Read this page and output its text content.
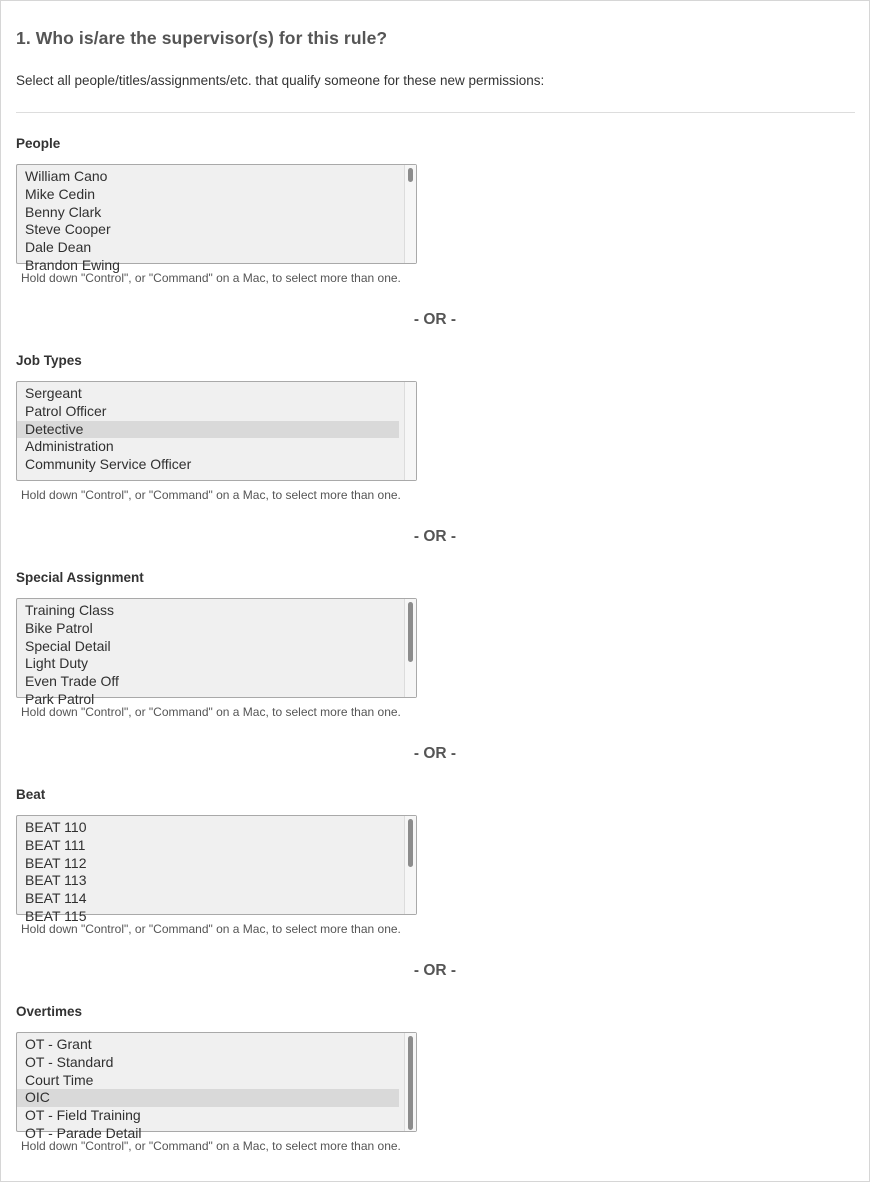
1. Who is/are the supervisor(s) for this rule?
Select all people/titles/assignments/etc. that qualify someone for these new permissions:
People
William Cano
Mike Cedin
Benny Clark
Steve Cooper
Dale Dean
Brandon Ewing
Hold down "Control", or "Command" on a Mac, to select more than one.
- OR -
Job Types
Sergeant
Patrol Officer
Detective
Administration
Community Service Officer
Hold down "Control", or "Command" on a Mac, to select more than one.
- OR -
Special Assignment
Training Class
Bike Patrol
Special Detail
Light Duty
Even Trade Off
Park Patrol
Hold down "Control", or "Command" on a Mac, to select more than one.
- OR -
Beat
BEAT 110
BEAT 111
BEAT 112
BEAT 113
BEAT 114
BEAT 115
Hold down "Control", or "Command" on a Mac, to select more than one.
- OR -
Overtimes
OT - Grant
OT - Standard
Court Time
OIC
OT - Field Training
OT - Parade Detail
Hold down "Control", or "Command" on a Mac, to select more than one.
